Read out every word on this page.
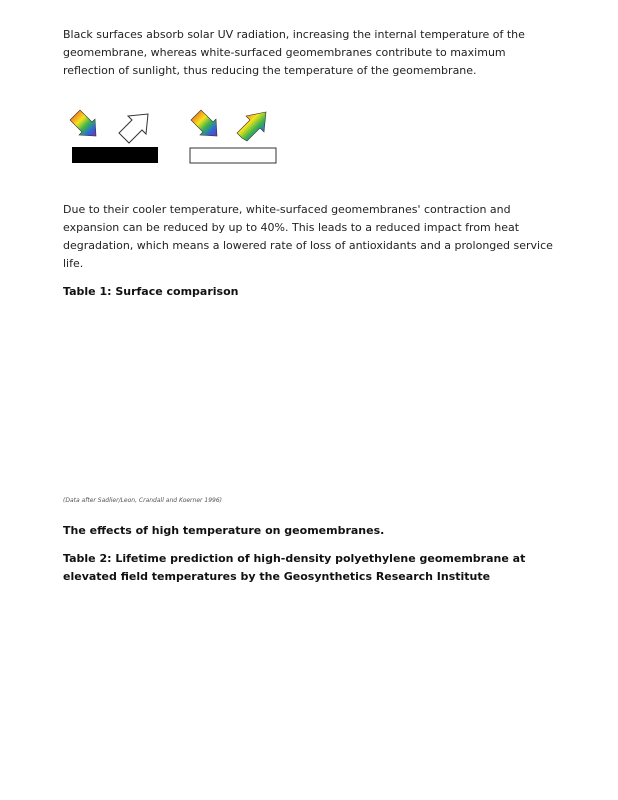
Black surfaces absorb solar UV radiation, increasing the internal temperature of the geomembrane, whereas white-surfaced geomembranes contribute to maximum reflection of sunlight, thus reducing the temperature of the geomembrane.
Due to their cooler temperature, white-surfaced geomembranes' contraction and expansion can be reduced by up to 40%. This leads to a reduced impact from heat degradation, which means a lowered rate of loss of antioxidants and a prolonged service life.
Table 1: Surface comparison
(Data after Sadlier/Leon, Crandall and Koerner 1996)
The effects of high temperature on geomembranes.
Table 2: Lifetime prediction of high-density polyethylene geomembrane at elevated field temperatures by the Geosynthetics Research Institute
